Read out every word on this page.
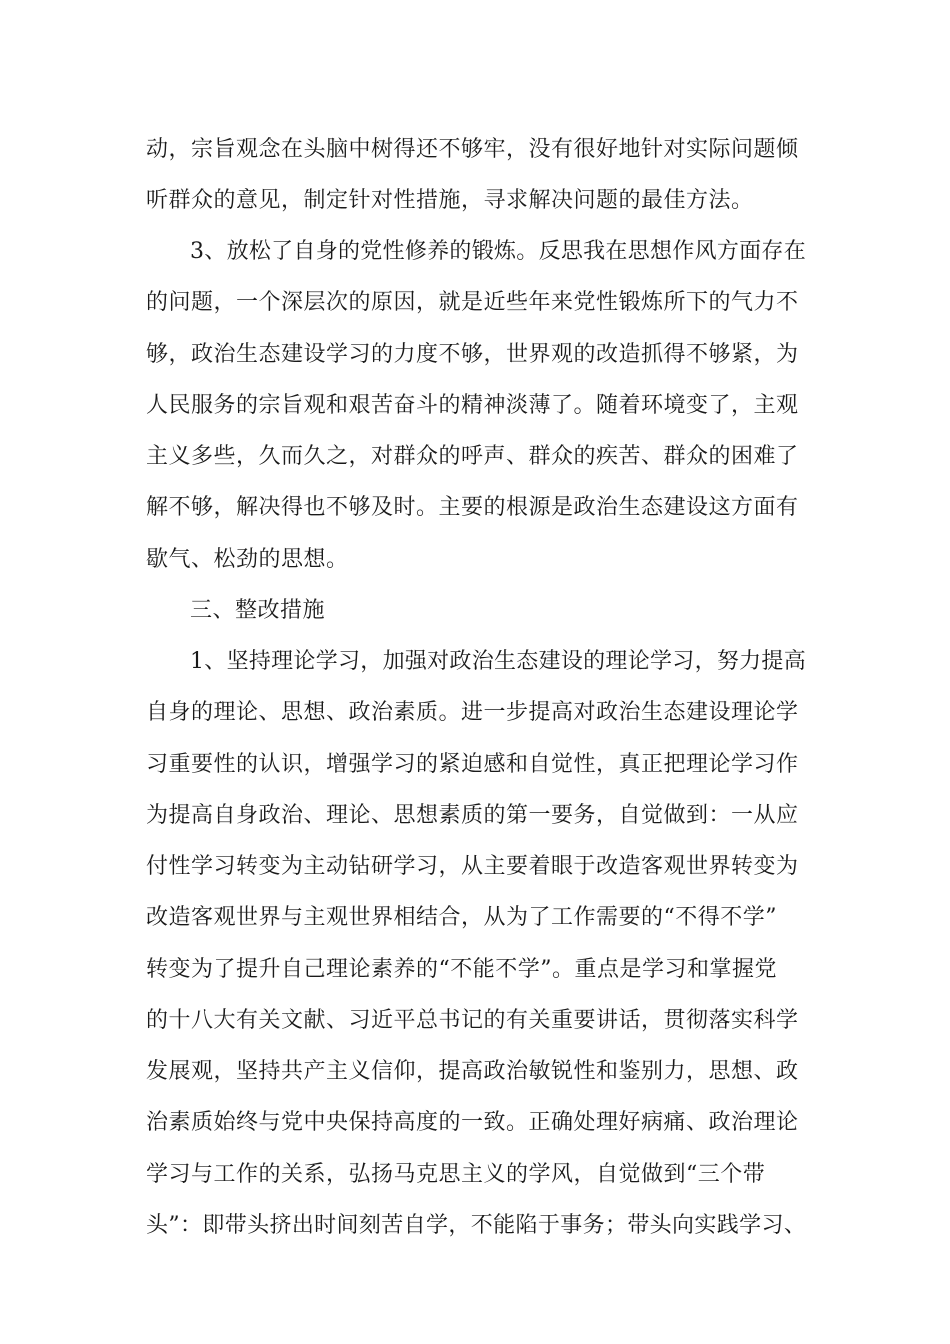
动，宗旨观念在头脑中树得还不够牢，没有很好地针对实际问题倾

听群众的意见，制定针对性措施，寻求解决问题的最佳方法。

3、放松了自身的党性修养的锻炼。反思我在思想作风方面存在

的问题，一个深层次的原因，就是近些年来党性锻炼所下的气力不

够，政治生态建设学习的力度不够，世界观的改造抓得不够紧，为

人民服务的宗旨观和艰苦奋斗的精神淡薄了。随着环境变了，主观

主义多些，久而久之，对群众的呼声、群众的疾苦、群众的困难了

解不够，解决得也不够及时。主要的根源是政治生态建设这方面有

歇气、松劲的思想。

三、整改措施

1、坚持理论学习，加强对政治生态建设的理论学习，努力提高

自身的理论、思想、政治素质。进一步提高对政治生态建设理论学

习重要性的认识，增强学习的紧迫感和自觉性，真正把理论学习作

为提高自身政治、理论、思想素质的第一要务，自觉做到：一从应

付性学习转变为主动钻研学习，从主要着眼于改造客观世界转变为

改造客观世界与主观世界相结合，从为了工作需要的“不得不学”

转变为了提升自己理论素养的“不能不学”。重点是学习和掌握党

的十八大有关文献、习近平总书记的有关重要讲话，贯彻落实科学

发展观，坚持共产主义信仰，提高政治敏锐性和鉴别力，思想、政

治素质始终与党中央保持高度的一致。正确处理好病痛、政治理论

学习与工作的关系，弘扬马克思主义的学风，自觉做到“三个带

头”：即带头挤出时间刻苦自学，不能陷于事务；带头向实践学习、
